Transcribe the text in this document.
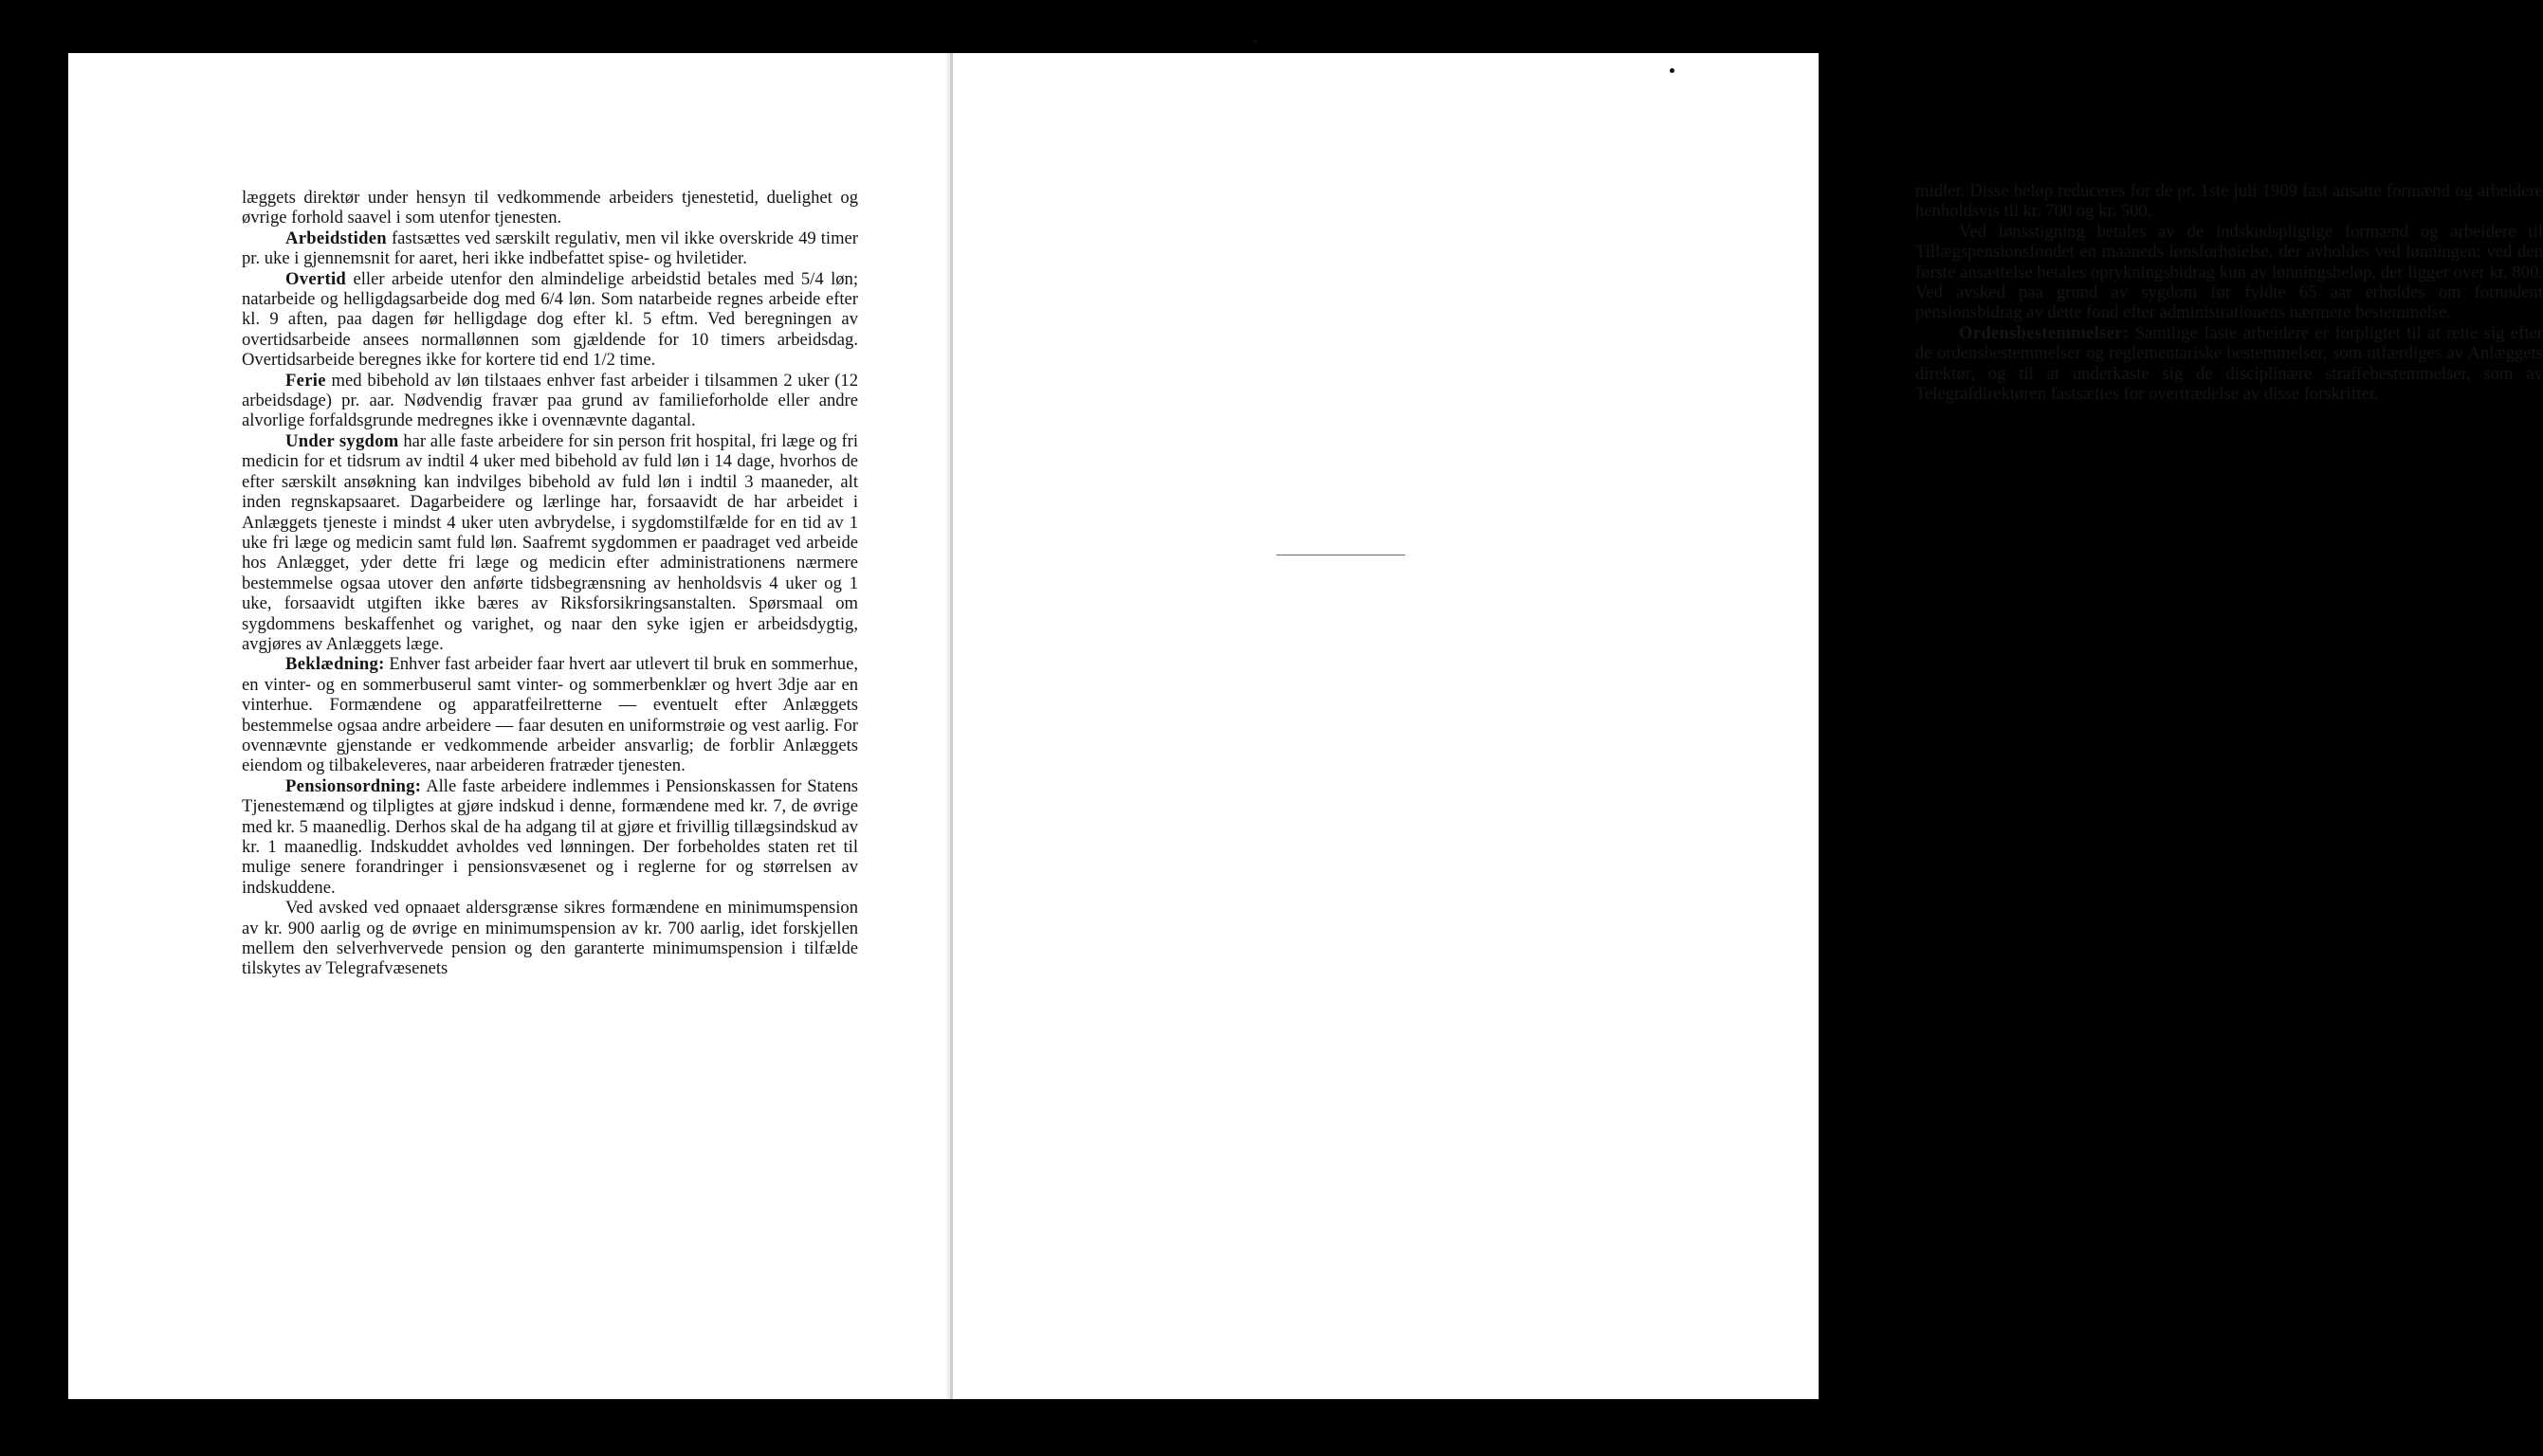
læggets direktør under hensyn til vedkommende arbeiders tjenestetid, duelighet og øvrige forhold saavel i som utenfor tjenesten.

Arbeidstiden fastsættes ved særskilt regulativ, men vil ikke overskride 49 timer pr. uke i gjennemsnit for aaret, heri ikke indbefattet spise- og hviletider.

Overtid eller arbeide utenfor den almindelige arbeidstid betales med 5/4 løn; natarbeide og helligdagsarbeide dog med 6/4 løn. Som natarbeide regnes arbeide efter kl. 9 aften, paa dagen før helligdage dog efter kl. 5 eftm. Ved beregningen av overtidsarbeide ansees normallønnen som gjældende for 10 timers arbeidsdag. Overtidsarbeide beregnes ikke for kortere tid end 1/2 time.

Ferie med bibehold av løn tilstaaes enhver fast arbeider i tilsammen 2 uker (12 arbeidsdage) pr. aar. Nødvendig fravær paa grund av familieforholde eller andre alvorlige forfaldsgrunde medregnes ikke i ovennævnte dagantal.

Under sygdom har alle faste arbeidere for sin person frit hospital, fri læge og fri medicin for et tidsrum av indtil 4 uker med bibehold av fuld løn i 14 dage, hvorhos de efter særskilt ansøkning kan indvilges bibehold av fuld løn i indtil 3 maaneder, alt inden regnskapsaaret. Dagarbeidere og lærlinge har, forsaavidt de har arbeidet i Anlæggets tjeneste i mindst 4 uker uten avbrydelse, i sygdomstilfælde for en tid av 1 uke fri læge og medicin samt fuld løn. Saafremt sygdommen er paadraget ved arbeide hos Anlægget, yder dette fri læge og medicin efter administrationens nærmere bestemmelse ogsaa utover den anførte tidsbegrænsning av henholdsvis 4 uker og 1 uke, forsaavidt utgiften ikke bæres av Riksforsikringsanstalten. Spørsmaal om sygdommens beskaffenhet og varighet, og naar den syke igjen er arbeidsdygtig, avgjøres av Anlæggets læge.

Beklædning: Enhver fast arbeider faar hvert aar utlevert til bruk en sommerhue, en vinter- og en sommerbuserul samt vinter- og sommerbenklær og hvert 3dje aar en vinterhue. Formændene og apparatfeilretterne — eventuelt efter Anlæggets bestemmelse ogsaa andre arbeidere — faar desuten en uniformstrøie og vest aarlig. For ovennævnte gjenstande er vedkommende arbeider ansvarlig; de forblir Anlæggets eiendom og tilbakeleveres, naar arbeideren fratræder tjenesten.

Pensionsordning: Alle faste arbeidere indlemmes i Pensionskassen for Statens Tjenestemænd og tilpligtes at gjøre indskud i denne, formændene med kr. 7, de øvrige med kr. 5 maanedlig. Derhos skal de ha adgang til at gjøre et frivillig tillægsindskud av kr. 1 maanedlig. Indskuddet avholdes ved lønningen. Der forbeholdes staten ret til mulige senere forandringer i pensionsvæsenet og i reglerne for og størrelsen av indskuddene.

Ved avsked ved opnaaet aldersgrænse sikres formændene en minimumspension av kr. 900 aarlig og de øvrige en minimumspension av kr. 700 aarlig, idet forskjellen mellem den selverhvervede pension og den garanterte minimumspension i tilfælde tilskytes av Telegrafvæsenets

midler. Disse beløp reduceres for de pr. 1ste juli 1909 fast ansatte formænd og arbeidere henholdsvis til kr. 700 og kr. 500.

Ved lønsstigning betales av de indskudspligtige formænd og arbeidere til Tillægspensionsfondet en maaneds lønsforhøielse, der avholdes ved lønningen; ved den første ansættelse betales oprykningsbidrag kun av lønningsbeløp, der ligger over kr. 800. Ved avsked paa grund av sygdom før fyldte 65 aar erholdes om fornødent pensionsbidrag av dette fond efter administrationens nærmere bestemmelse.

Ordensbestemmelser: Samtlige faste arbeidere er forpligtet til at rette sig efter de ordensbestemmelser og reglementariske bestemmelser, som utfærdiges av Anlæggets direktør, og til at underkaste sig de disciplinære straffebestemmelser, som av Telegrafdirektøren fastsættes for overtrædelse av disse forskrifter.
